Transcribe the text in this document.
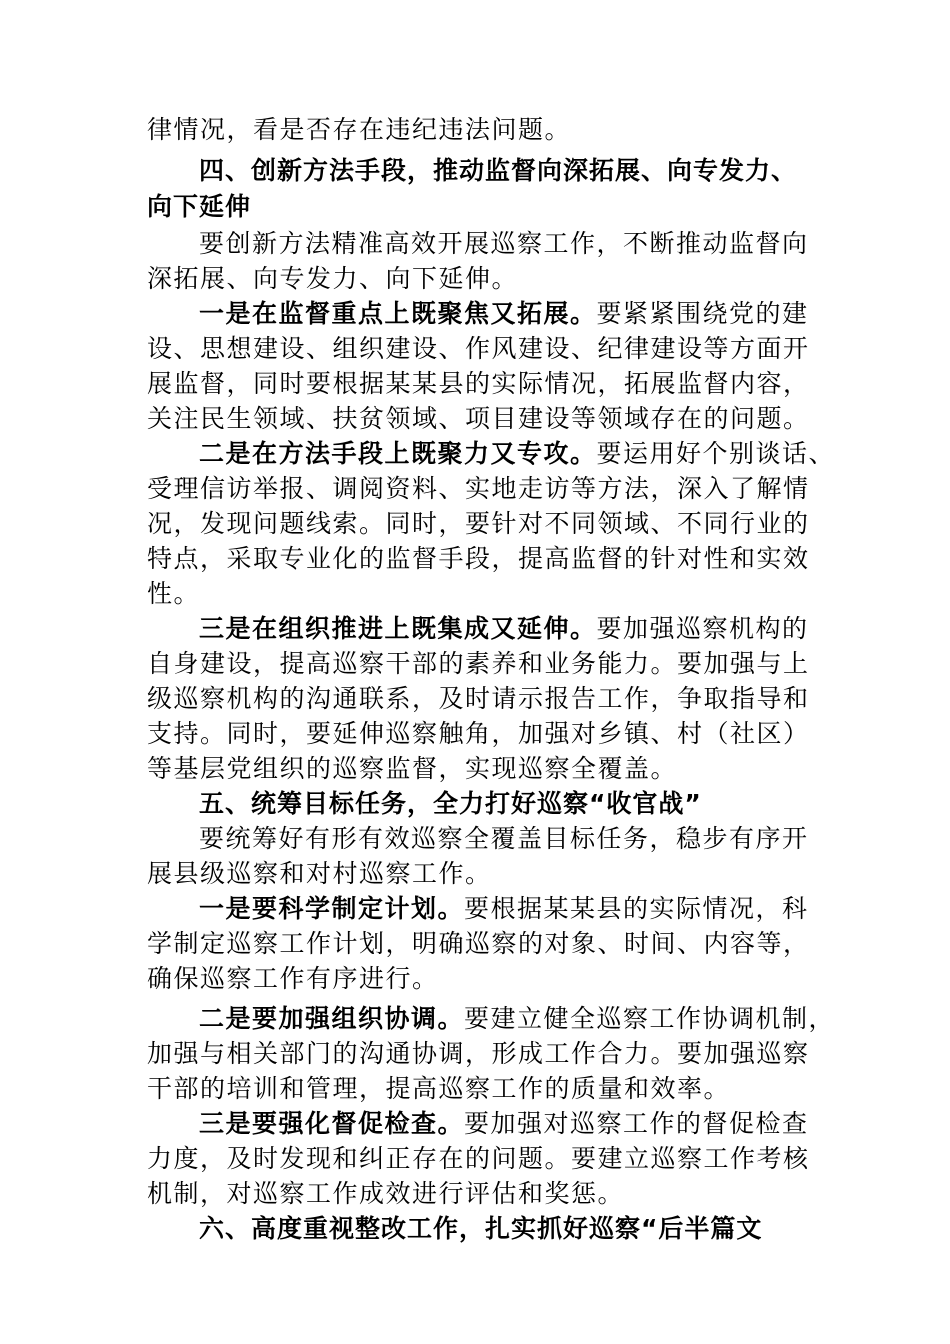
律情况，看是否存在违纪违法问题。
四、创新方法手段，推动监督向深拓展、向专发力、
向下延伸
要创新方法精准高效开展巡察工作，不断推动监督向
深拓展、向专发力、向下延伸。
一是在监督重点上既聚焦又拓展。要紧紧围绕党的建
设、思想建设、组织建设、作风建设、纪律建设等方面开
展监督，同时要根据某某县的实际情况，拓展监督内容，
关注民生领域、扶贫领域、项目建设等领域存在的问题。
二是在方法手段上既聚力又专攻。要运用好个别谈话、
受理信访举报、调阅资料、实地走访等方法，深入了解情
况，发现问题线索。同时，要针对不同领域、不同行业的
特点，采取专业化的监督手段，提高监督的针对性和实效
性。
三是在组织推进上既集成又延伸。要加强巡察机构的
自身建设，提高巡察干部的素养和业务能力。要加强与上
级巡察机构的沟通联系，及时请示报告工作，争取指导和
支持。同时，要延伸巡察触角，加强对乡镇、村（社区）
等基层党组织的巡察监督，实现巡察全覆盖。
五、统筹目标任务，全力打好巡察“收官战”
要统筹好有形有效巡察全覆盖目标任务，稳步有序开
展县级巡察和对村巡察工作。
一是要科学制定计划。要根据某某县的实际情况，科
学制定巡察工作计划，明确巡察的对象、时间、内容等，
确保巡察工作有序进行。
二是要加强组织协调。要建立健全巡察工作协调机制，
加强与相关部门的沟通协调，形成工作合力。要加强巡察
干部的培训和管理，提高巡察工作的质量和效率。
三是要强化督促检查。要加强对巡察工作的督促检查
力度，及时发现和纠正存在的问题。要建立巡察工作考核
机制，对巡察工作成效进行评估和奖惩。
六、高度重视整改工作，扎实抓好巡察“后半篇文
